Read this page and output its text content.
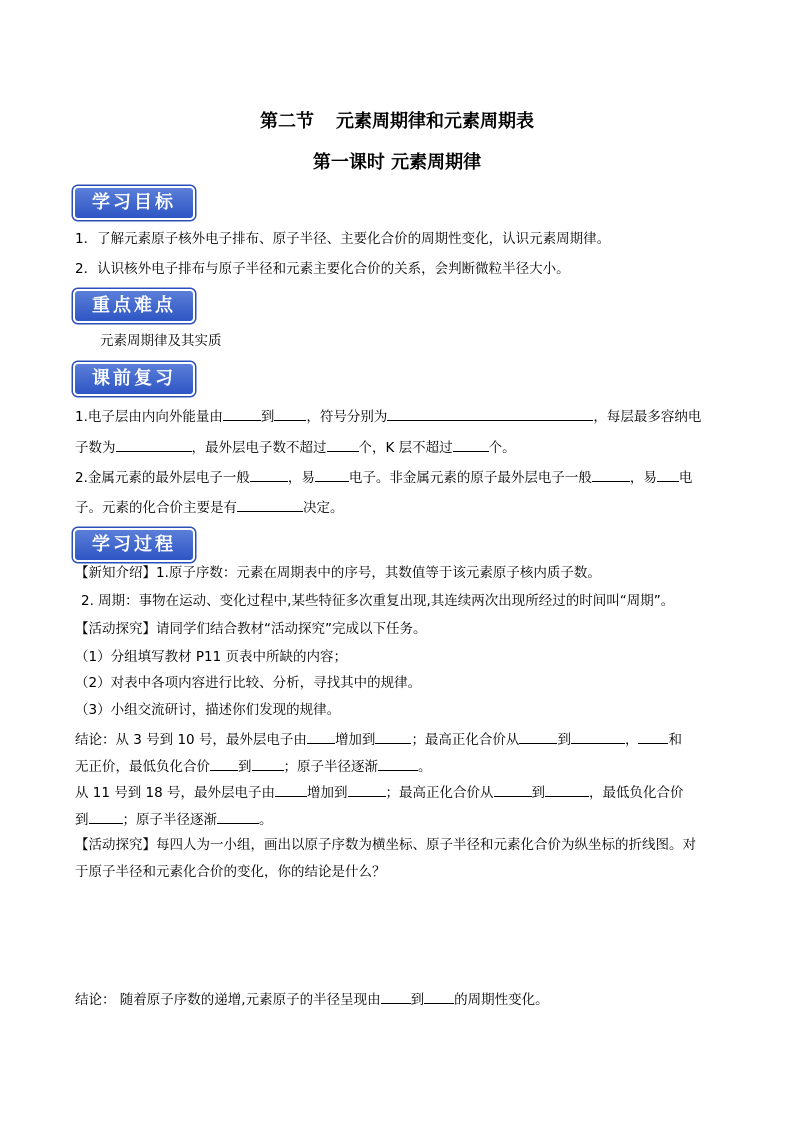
第二节 元素周期律和元素周期表
第一课时 元素周期律
学习目标
1．了解元素原子核外电子排布、原子半径、主要化合价的周期性变化，认识元素周期律。
2．认识核外电子排布与原子半径和元素主要化合价的关系，会判断微粒半径大小。
重点难点
元素周期律及其实质
课前复习
1.电子层由内向外能量由	到 ，符号分别为	，每层最多容纳电
子数为	，最外层电子数不超过 个，K 层不超过	个。
2.金属元素的最外层电子一般	，易	电子。非金属元素的原子最外层电子一般	，易 电
子。元素的化合价主要是有	决定。
学习过程
【新知介绍】1.原子序数：元素在周期表中的序号，其数值等于该元素原子核内质子数。
2. 周期：事物在运动、变化过程中,某些特征多次重复出现,其连续两次出现所经过的时间叫“周期”。
【活动探究】请同学们结合教材“活动探究”完成以下任务。
（1）分组填写教材 P11 页表中所缺的内容；
（2）对表中各项内容进行比较、分析，寻找其中的规律。
（3）小组交流研讨，描述你们发现的规律。
结论：从 3 号到 10 号，最外层电子由 增加到	；最高正化合价从	到	， 和
无正价，最低负化合价 到 ；原子半径逐渐	。
从 11 号到 18 号，最外层电子由 增加到	；最高正化合价从	到	，最低负化合价
到	；原子半径逐渐	。
【活动探究】每四人为一小组，画出以原子序数为横坐标、原子半径和元素化合价为纵坐标的折线图。对
于原子半径和元素化合价的变化，你的结论是什么？
结论： 随着原子序数的递增,元素原子的半径呈现由 到 的周期性变化。
